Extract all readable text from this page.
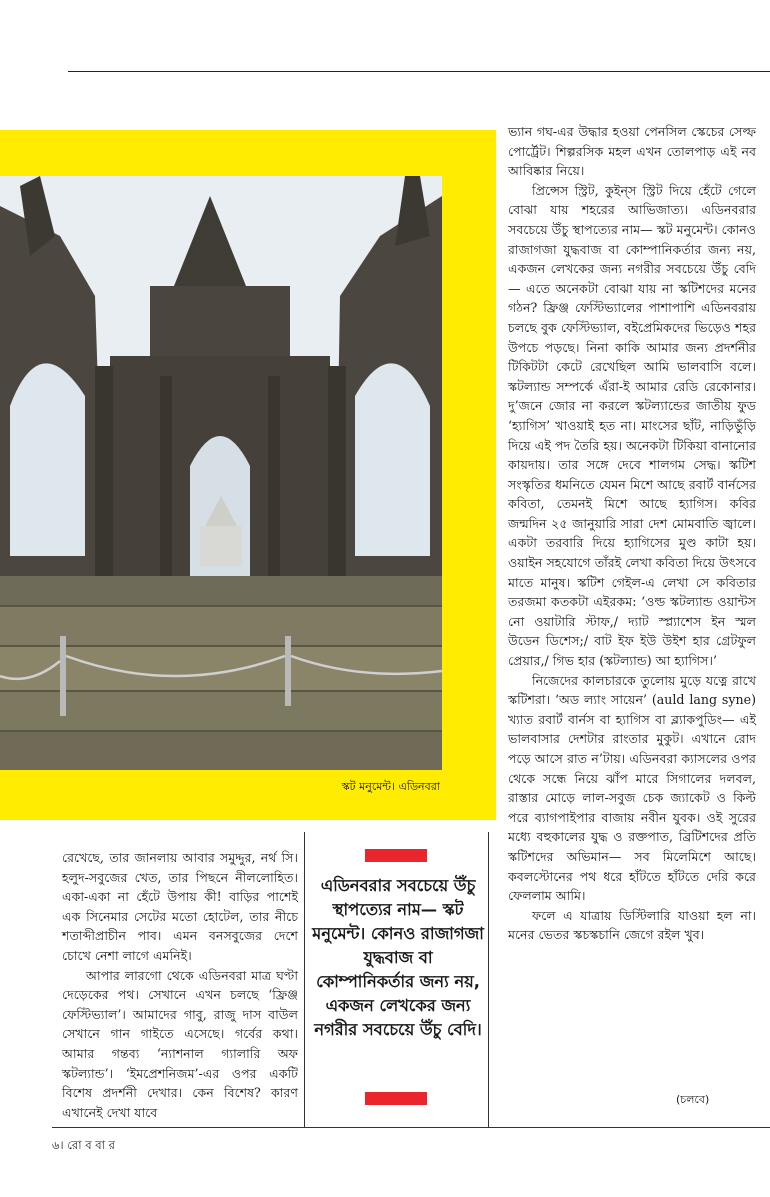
স্কট মনুমেন্ট। এডিনবরা

ভ্যান গঘ-এর উদ্ধার হওয়া পেনসিল স্কেচের সেল্ফ পোর্ট্রেট। শিল্পরসিক মহল এখন তোলপাড় এই নব আবিষ্কার নিয়ে।

প্রিন্সেস স্ট্রিট, কুইন্‌স স্ট্রিট দিয়ে হেঁটে গেলে বোঝা যায় শহরের আভিজাত্য। এডিনবরার সবচেয়ে উঁচু স্থাপত্যের নাম— স্কট মনুমেন্ট। কোনও রাজাগজা যুদ্ধবাজ বা কোম্পানিকর্তার জন্য নয়, একজন লেখকের জন্য নগরীর সবচেয়ে উঁচু বেদি— এতে অনেকটা বোঝা যায় না স্কটিশদের মনের গঠন? ফ্রিঞ্জ ফেস্টিভ্যালের পাশাপাশি এডিনবরায় চলছে বুক ফেস্টিভ্যাল, বইপ্রেমিকদের ভিড়েও শহর উপচে পড়ছে। নিনা কাকি আমার জন্য প্রদর্শনীর টিকিটটা কেটে রেখেছিল আমি ভালবাসি বলে। স্কটল্যান্ড সম্পর্কে এঁরা-ই আমার রেডি রেকোনার। দু’জনে জোর না করলে স্কটল্যান্ডের জাতীয় ফুড ‘হ্যাগিস’ খাওয়াই হত না। মাংসের ছাঁট, নাড়িভুঁড়ি দিয়ে এই পদ তৈরি হয়। অনেকটা টিকিয়া বানানোর কায়দায়। তার সঙ্গে দেবে শালগম সেদ্ধ। স্কটিশ সংস্কৃতির ধমনিতে যেমন মিশে আছে রবার্ট বার্নসের কবিতা, তেমনই মিশে আছে হ্যাগিস। কবির জন্মদিন ২৫ জানুয়ারি সারা দেশ মোমবাতি জ্বালে। একটা তরবারি দিয়ে হ্যাগিসের মুণ্ড কাটা হয়। ওয়াইন সহযোগে তাঁরই লেখা কবিতা দিয়ে উৎসবে মাতে মানুষ। স্কটিশ গেইল-এ লেখা সে কবিতার তরজমা কতকটা এইরকম: ‘ওল্ড স্কটল্যান্ড ওয়ান্টস নো ওয়াটারি স্টাফ,/ দ্যাট স্প্ল্যাশেস ইন স্মল উডেন ডিশেস;/ বাট ইফ ইউ উইশ হার গ্রেটফুল প্রেয়ার,/ গিভ হার (স্কটল্যান্ড) আ হ্যাগিস।’

নিজেদের কালচারকে তুলোয় মুড়ে যত্নে রাখে স্কটিশরা। ‘অড ল্যাং সায়েন’ (auld lang syne) খ্যাত রবার্ট বার্নস বা হ্যাগিস বা ব্ল্যাকপুডিং— এই ভালবাসার দেশটার রাংতার মুকুট। এখানে রোদ পড়ে আসে রাত ন’টায়। এডিনবরা ক্যাসলের ওপর থেকে সন্ধে নিয়ে ঝাঁপ মারে সিগালের দলবল, রাস্তার মোড়ে লাল-সবুজ চেক জ্যাকেট ও কিল্ট পরে ব্যাগপাইপার বাজায় নবীন যুবক। ওই সুরের মধ্যে বহুকালের যুদ্ধ ও রক্তপাত, ব্রিটিশদের প্রতি স্কটিশদের অভিমান— সব মিলেমিশে আছে। কবলস্টোনের পথ ধরে হাঁটতে হাঁটতে দেরি করে ফেললাম আমি।

ফলে এ যাত্রায় ডিস্টিলারি যাওয়া হল না। মনের ভেতর স্কচস্কচানি জেগে রইল খুব।

(চলবে)

রেখেছে, তার জানলায় আবার সমুদ্দুর, নর্থ সি। হলুদ-সবুজের খেত, তার পিছনে নীললোহিত। একা-একা না হেঁটে উপায় কী! বাড়ির পাশেই এক সিনেমার সেটের মতো হোটেল, তার নীচে শতাব্দীপ্রাচীন পাব। এমন বনসবুজের দেশে চোখে নেশা লাগে এমনিই।

আপার লারগো থেকে এডিনবরা মাত্র ঘণ্টা দেড়েকের পথ। সেখানে এখন চলছে ‘ফ্রিঞ্জ ফেস্টিভ্যাল’। আমাদের গাবু, রাজু দাস বাউল সেখানে গান গাইতে এসেছে। গর্বের কথা। আমার গন্তব্য ‘ন্যাশনাল গ্যালারি অফ স্কটল্যান্ড’। ‘ইমপ্রেশনিজম’-এর ওপর একটি বিশেষ প্রদর্শনী দেখার। কেন বিশেষ? কারণ এখানেই দেখা যাবে

এডিনবরার সবচেয়ে উঁচু স্থাপত্যের নাম— স্কট মনুমেন্ট। কোনও রাজাগজা যুদ্ধবাজ বা কোম্পানিকর্তার জন্য নয়, একজন লেখকের জন্য নগরীর সবচেয়ে উঁচু বেদি।
৬। রো ব বা র
